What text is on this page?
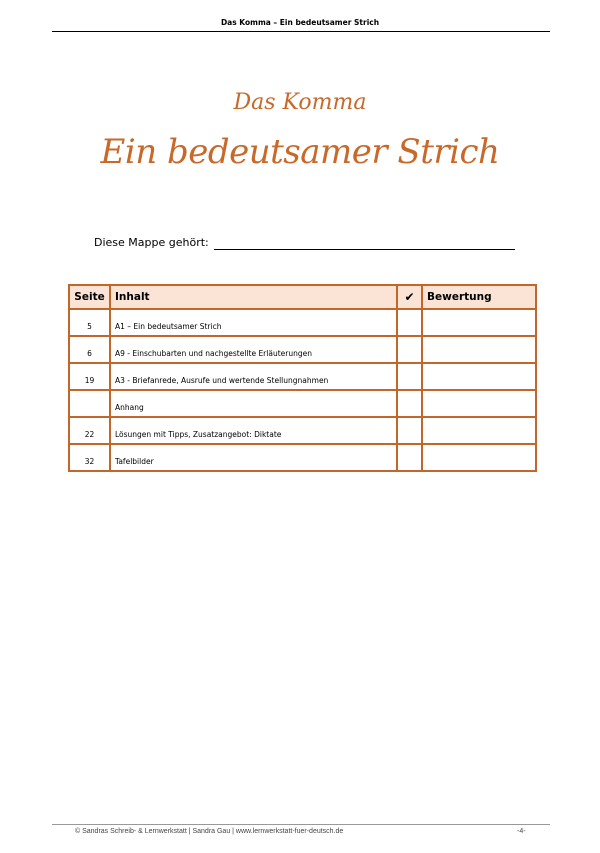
Das Komma – Ein bedeutsamer Strich
Das Komma
Ein bedeutsamer Strich
Diese Mappe gehört:
Seite	Inhalt	✔	Bewertung
5	A1 – Ein bedeutsamer Strich		
6	A9 - Einschubarten und nachgestellte Erläuterungen		
19	A3 - Briefanrede, Ausrufe und wertende Stellungnahmen		
	Anhang		
22	Lösungen mit Tipps, Zusatzangebot: Diktate		
32	Tafelbilder		
© Sandras Schreib- & Lernwerkstatt | Sandra Gau | www.lernwerkstatt-fuer-deutsch.de	-4-
